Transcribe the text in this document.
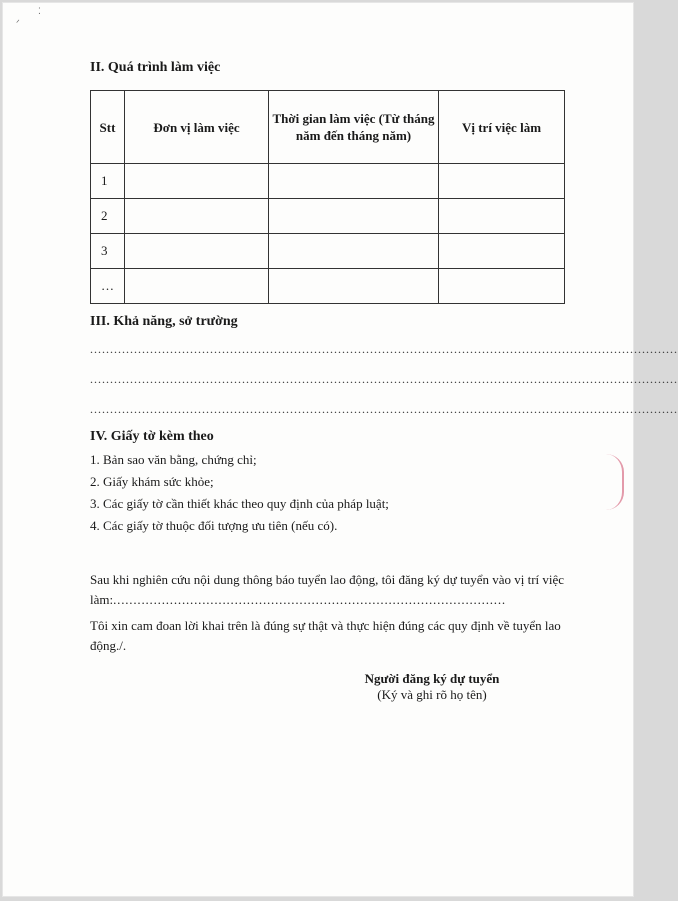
⁚
ᐟ
II. Quá trình làm việc
Stt	Đơn vị làm việc	Thời gian làm việc (Từ tháng năm đến tháng năm)	Vị trí việc làm
1			
2			
3			
…			
III. Khả năng, sở trường
...................................................................................................................................................
...................................................................................................................................................
...................................................................................................................................................
IV. Giấy tờ kèm theo
1. Bản sao văn bằng, chứng chỉ;
2. Giấy khám sức khỏe;
3. Các giấy tờ cần thiết khác theo quy định của pháp luật;
4. Các giấy tờ thuộc đối tượng ưu tiên (nếu có).
Sau khi nghiên cứu nội dung thông báo tuyển lao động, tôi đăng ký dự tuyển vào vị trí việc làm:.................................................................................................
Tôi xin cam đoan lời khai trên là đúng sự thật và thực hiện đúng các quy định về tuyển lao động./.
Người đăng ký dự tuyển
(Ký và ghi rõ họ tên)
